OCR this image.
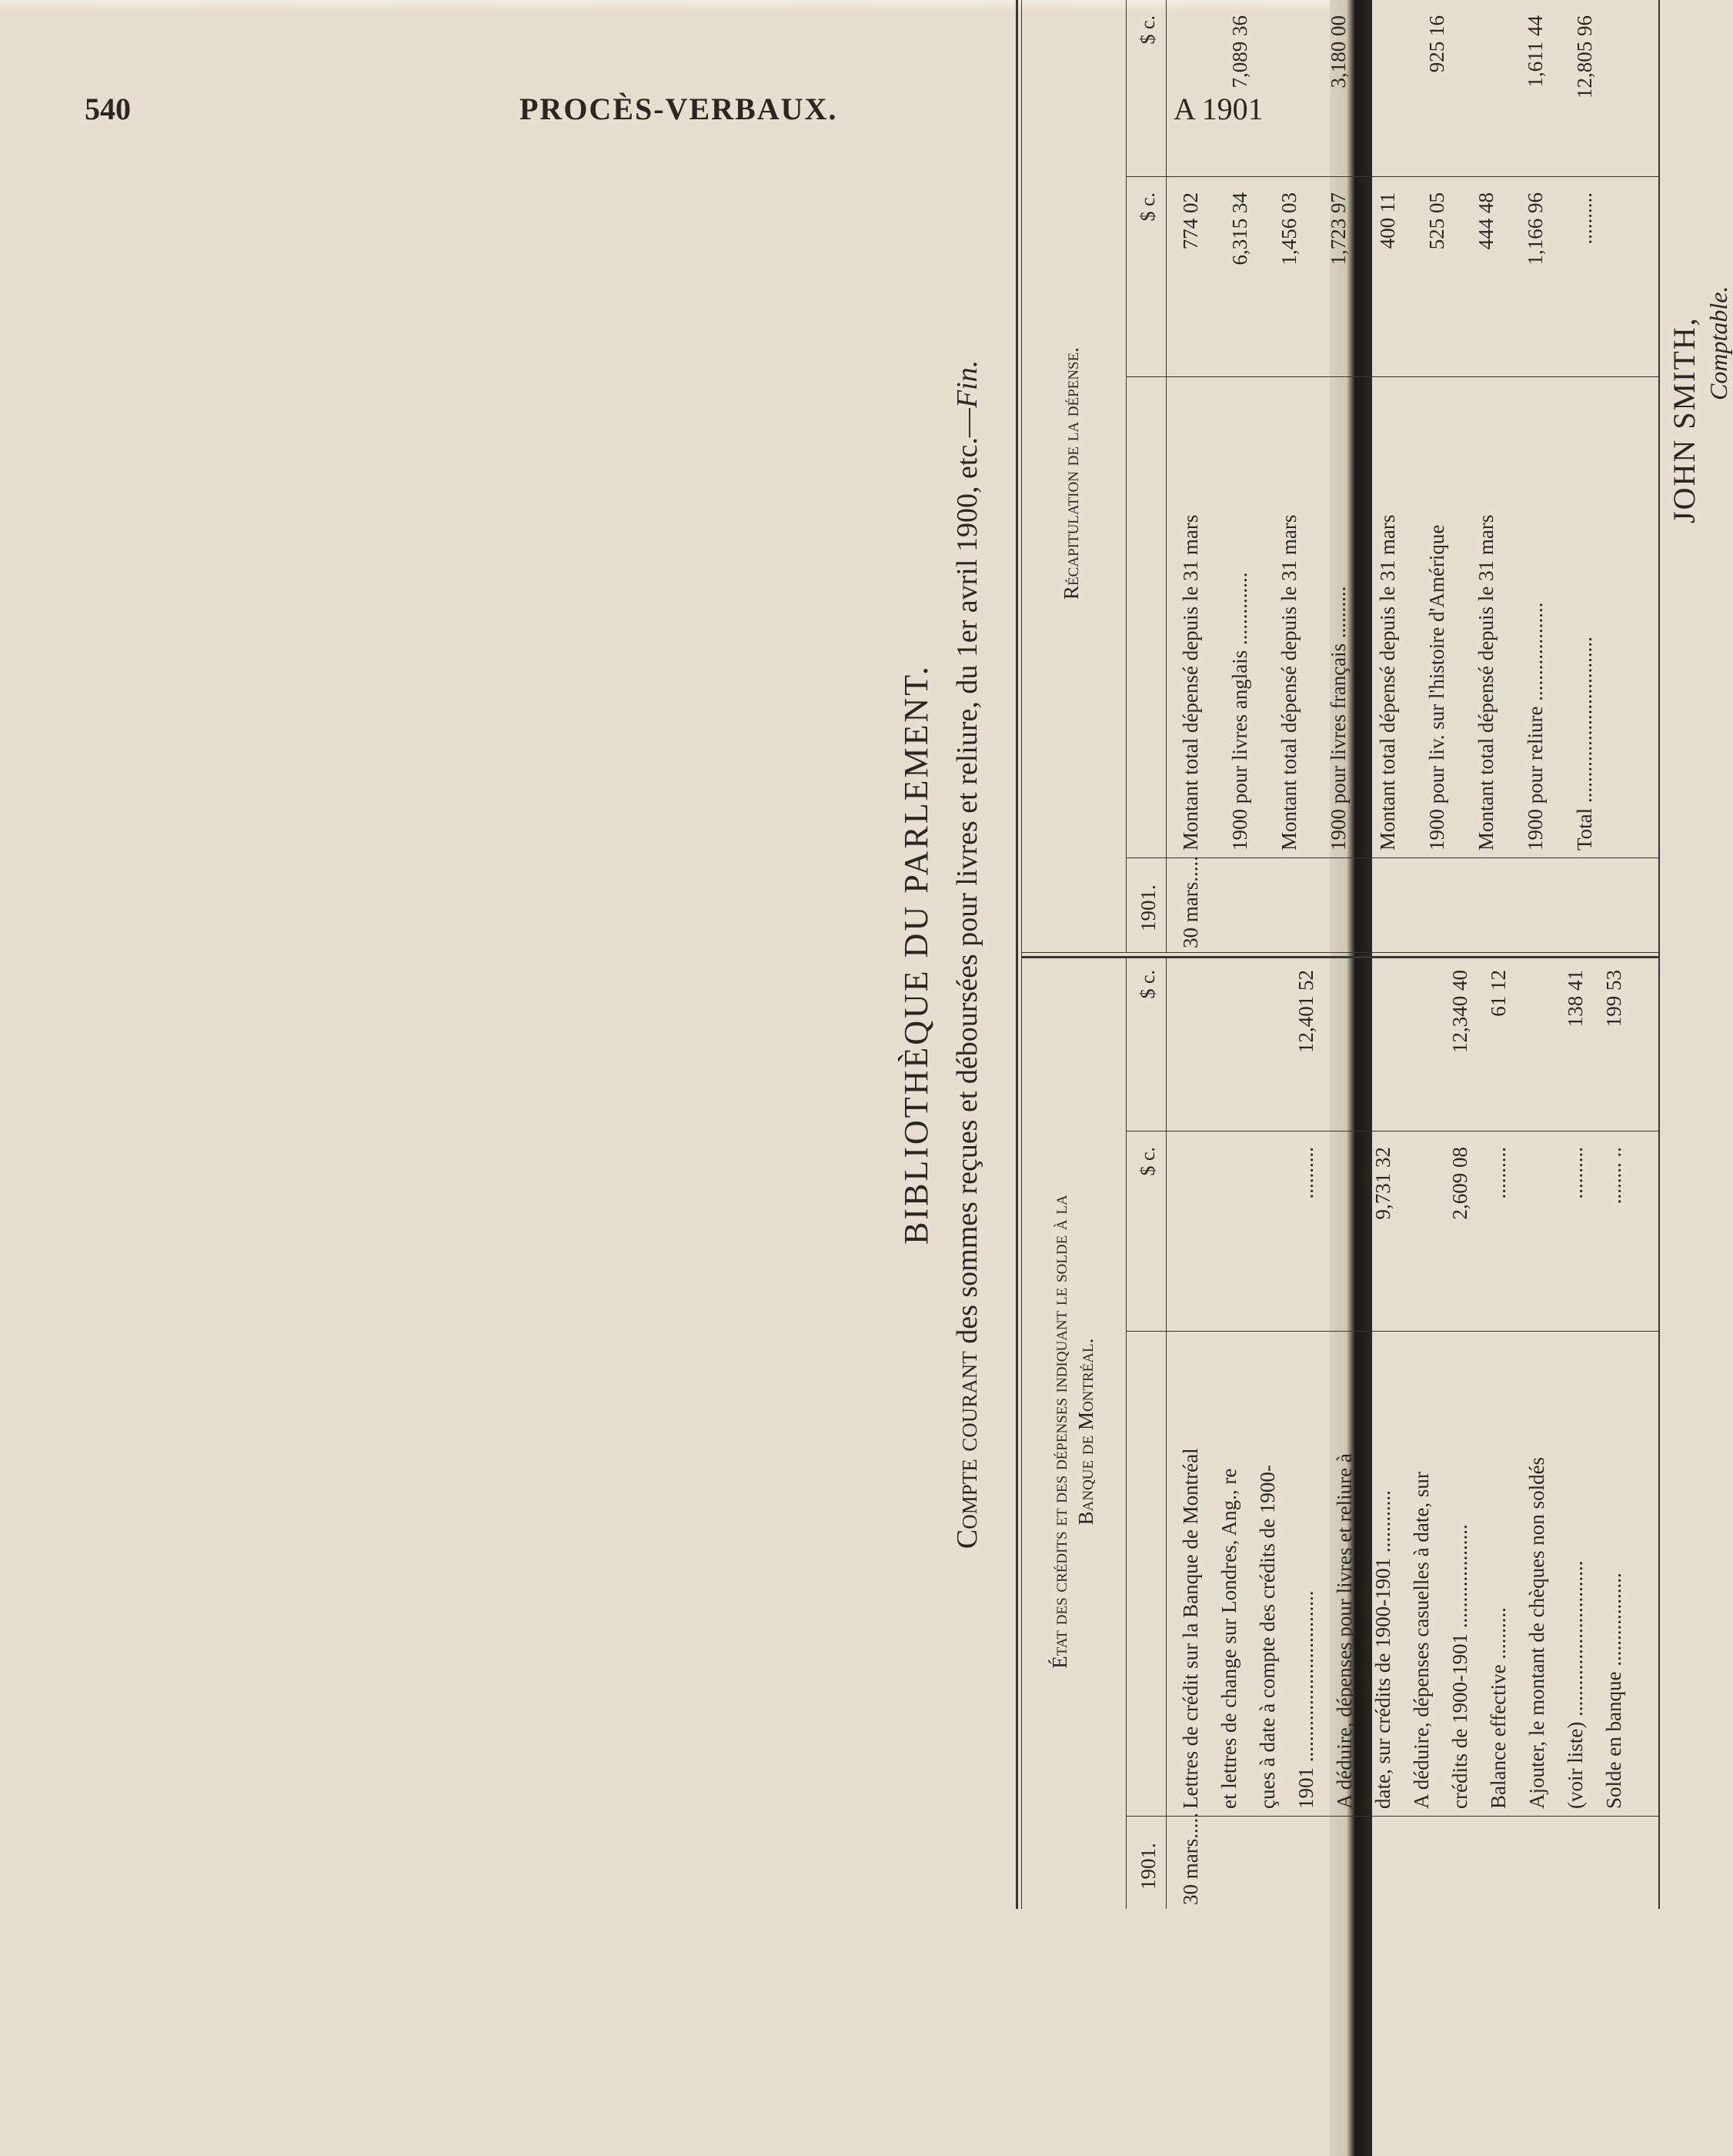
540	PROCÈS-VERBAUX.	A 1901
BIBLIOTHÈQUE DU PARLEMENT.
Compte courant des sommes reçues et déboursées pour livres et reliure, du 1er avril 1900, etc.—Fin.
État des crédits et des dépenses indiquant le solde à la Banque de Montréal.
1901.
$ c.
$ c.
30 mars.....
Lettres de crédit sur la Banque de Montréal et lettres de change sur Londres, Ang., re çues à date à compte des crédits de 1900- 1901 .................................
..........
12,401 52
A déduire, dépenses pour livres et reliure à date, sur crédits de 1900-1901 ............
9,731 32
A déduire, dépenses casuelles à date, sur crédits de 1900-1901 ....................
2,609 08
12,340 40
Balance effective ..........
..........
61 12
Ajouter, le montant de chèques non soldés (voir liste) ..............................
..........
138 41
Solde en banque ..................
........ ..
199 53
Récapitulation de la dépense.
1901.
$ c.
$ c.
30 mars.....
Montant total dépensé depuis le 31 mars
774 02
1900 pour livres anglais ..............
6,315 34
7,089 36
Montant total dépensé depuis le 31 mars
1,456 03
1900 pour livres français ..........
1,723 97
3,180 00
Montant total dépensé depuis le 31 mars
400 11
1900 pour liv. sur l'histoire d'Amérique
525 05
925 16
Montant total dépensé depuis le 31 mars
444 48
1900 pour reliure ...................
1,166 96
1,611 44
Total ................................
..........
12,805 96
JOHN SMITH, Comptable.
